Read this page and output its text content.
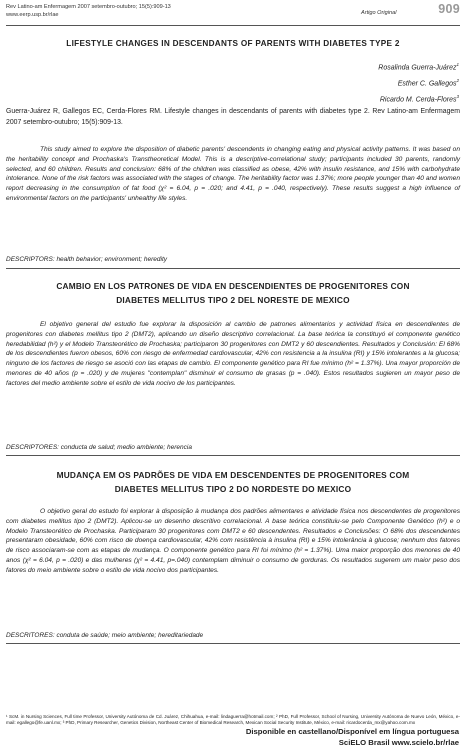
Rev Latino-am Enfermagem 2007 setembro-outubro; 15(5):909-13
www.eerp.usp.br/rlae	Artigo Original	909
LIFESTYLE CHANGES IN DESCENDANTS OF PARENTS WITH DIABETES TYPE 2
Rosalinda Guerra-Juárez$^1$
Esther C. Gallegos$^2$
Ricardo M. Cerda-Flores$^3$
Guerra-Juárez R, Gallegos EC, Cerda-Flores RM. Lifestyle changes in descendants of parents with diabetes type 2. Rev Latino-am Enfermagem 2007 setembro-outubro; 15(5):909-13.
This study aimed to explore the disposition of diabetic parents' descendents in changing eating and physical activity patterns. It was based on the heritability concept and Prochaska's Transtheoretical Model. This is a descriptive-correlational study; participants included 30 parents, randomly selected, and 60 children. Results and conclusion: 68% of the children was classified as obese, 42% with insulin resistance, and 15% with carbohydrate intolerance. None of the risk factors was associated with the stages of change. The heritability factor was 1.37%; more people younger than 40 and women report decreasing in the consumption of fat food (χ² = 6.04, p = .020; and 4.41, p = .040, respectively). These results suggest a high influence of environmental factors on the participants' unhealthy life styles.
DESCRIPTORS: health behavior; environment; heredity
CAMBIO EN LOS PATRONES DE VIDA EN DESCENDIENTES DE PROGENITORES CON
DIABETES MELLITUS TIPO 2 DEL NORESTE DE MEXICO
El objetivo general del estudio fue explorar la disposición al cambio de patrones alimentarios y actividad física en descendientes de progenitores con diabetes mellitus tipo 2 (DMT2), aplicando un diseño descriptivo correlacional. La base teórica la constituyó el componente genético heredabilidad (h²) y el Modelo Transteorético de Prochaska; participaron 30 progenitores con DMT2 y 60 descendientes. Resultados y Conclusión: El 68% de los descendientes fueron obesos, 60% con riesgo de enfermedad cardiovascular, 42% con resistencia a la insulina (RI) y 15% intolerantes a la glucosa; ninguno de los factores de riesgo se asoció con las etapas de cambio. El componente genético para RI fue mínimo (h² = 1.37%). Una mayor proporción de menores de 40 años (p = .020) y de mujeres "contemplan" disminuir el consumo de grasas (p = .040). Estos resultados sugieren un mayor peso de factores del medio ambiente sobre el estilo de vida nocivo de los participantes.
DESCRIPTORES: conducta de salud; medio ambiente; herencia
MUDANÇA EM OS PADRÕES DE VIDA EM DESCENDENTES DE PROGENITORES COM
DIABETES MELLITUS TIPO 2 DO NORDESTE DO MEXICO
O objetivo geral do estudo foi explorar à disposição à mudança dos padrões alimentares e atividade física nos descendentes de progenitores com diabetes mellitus tipo 2 (DMT2). Aplicou-se un desenho descritivo correlacional. A base teórica constituiu-se pelo Componente Genético (h²) e o Modelo Transteorético de Prochaska. Participaram 30 progenitores com DMT2 e 60 descendentes. Resultados e Conclusões: O 68% dos descendentes presentaram obesidade, 60% com risco de doença cardiovascular, 42% com resistência à insulina (RI) e 15% intolerância à glucose; nenhum dos fatores de risco associaram-se com as etapas de mudança. O componente genético para RI foi mínimo (h² = 1.37%). Uma maior proporção dos menores de 40 anos (χ² = 6.04, p = .020) e das mulheres (χ² = 4.41, p=.040) contemplam diminuir o consumo de gorduras. Os resultados sugerem um maior peso dos fatores do meio ambiente sobre o estilo de vida nocivo dos participantes.
DESCRITORES: conduta de saúde; meio ambiente; hereditariedade
¹ ScM. in Nursing Sciences, Full time Professor, University Autónoma de Cd. Juárez, Chihuahua, e-mail: lindaguerra@hotmail.com; ² PhD, Full Professor, School of Nursing, University Autónoma de Nuevo León, México, e-mail: egallego@fe.uanl.mx; ³ PhD, Primary Researcher, Genetics Division, Northeast Center of Biomedical Research, Mexican Social Security Institute, México, e-mail: ricardocerda_mx@yahoo.com.mx
Disponible en castellano/Disponível em língua portuguesa
SciELO Brasil www.scielo.br/rlae
